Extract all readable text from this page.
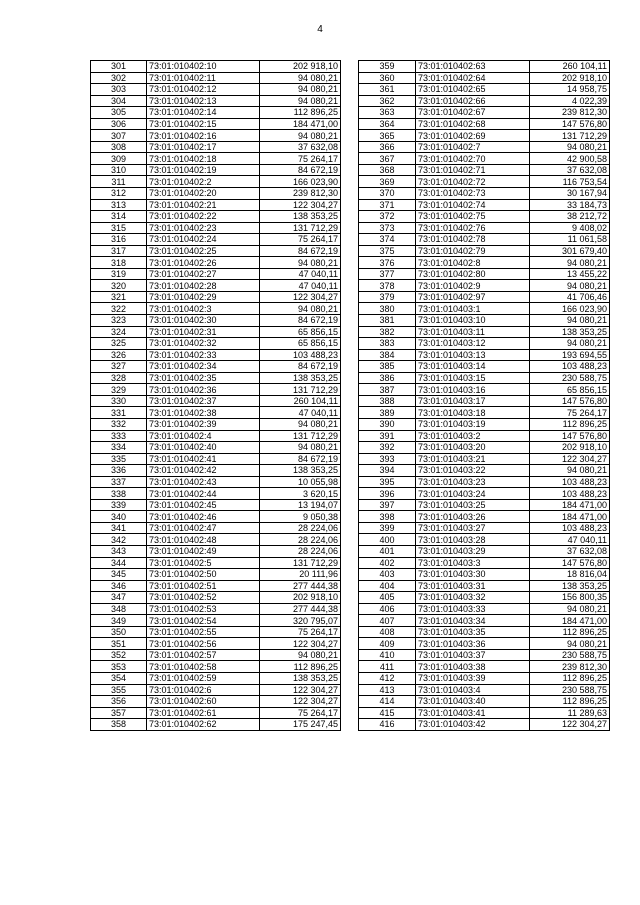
4
301	73:01:010402:10	202 918,10
302	73:01:010402:11	94 080,21
303	73:01:010402:12	94 080,21
304	73:01:010402:13	94 080,21
305	73:01:010402:14	112 896,25
306	73:01:010402:15	184 471,00
307	73:01:010402:16	94 080,21
308	73:01:010402:17	37 632,08
309	73:01:010402:18	75 264,17
310	73:01:010402:19	84 672,19
311	73:01:010402:2	166 023,90
312	73:01:010402:20	239 812,30
313	73:01:010402:21	122 304,27
314	73:01:010402:22	138 353,25
315	73:01:010402:23	131 712,29
316	73:01:010402:24	75 264,17
317	73:01:010402:25	84 672,19
318	73:01:010402:26	94 080,21
319	73:01:010402:27	47 040,11
320	73:01:010402:28	47 040,11
321	73:01:010402:29	122 304,27
322	73:01:010402:3	94 080,21
323	73:01:010402:30	84 672,19
324	73:01:010402:31	65 856,15
325	73:01:010402:32	65 856,15
326	73:01:010402:33	103 488,23
327	73:01:010402:34	84 672,19
328	73:01:010402:35	138 353,25
329	73:01:010402:36	131 712,29
330	73:01:010402:37	260 104,11
331	73:01:010402:38	47 040,11
332	73:01:010402:39	94 080,21
333	73:01:010402:4	131 712,29
334	73:01:010402:40	94 080,21
335	73:01:010402:41	84 672,19
336	73:01:010402:42	138 353,25
337	73:01:010402:43	10 055,98
338	73:01:010402:44	3 620,15
339	73:01:010402:45	13 194,07
340	73:01:010402:46	9 050,38
341	73:01:010402:47	28 224,06
342	73:01:010402:48	28 224,06
343	73:01:010402:49	28 224,06
344	73:01:010402:5	131 712,29
345	73:01:010402:50	20 111,96
346	73:01:010402:51	277 444,38
347	73:01:010402:52	202 918,10
348	73:01:010402:53	277 444,38
349	73:01:010402:54	320 795,07
350	73:01:010402:55	75 264,17
351	73:01:010402:56	122 304,27
352	73:01:010402:57	94 080,21
353	73:01:010402:58	112 896,25
354	73:01:010402:59	138 353,25
355	73:01:010402:6	122 304,27
356	73:01:010402:60	122 304,27
357	73:01:010402:61	75 264,17
358	73:01:010402:62	175 247,45
359	73:01:010402:63	260 104,11
360	73:01:010402:64	202 918,10
361	73:01:010402:65	14 958,75
362	73:01:010402:66	4 022,39
363	73:01:010402:67	239 812,30
364	73:01:010402:68	147 576,80
365	73:01:010402:69	131 712,29
366	73:01:010402:7	94 080,21
367	73:01:010402:70	42 900,58
368	73:01:010402:71	37 632,08
369	73:01:010402:72	116 753,54
370	73:01:010402:73	30 167,94
371	73:01:010402:74	33 184,73
372	73:01:010402:75	38 212,72
373	73:01:010402:76	9 408,02
374	73:01:010402:78	11 061,58
375	73:01:010402:79	301 679,40
376	73:01:010402:8	94 080,21
377	73:01:010402:80	13 455,22
378	73:01:010402:9	94 080,21
379	73:01:010402:97	41 706,46
380	73:01:010403:1	166 023,90
381	73:01:010403:10	94 080,21
382	73:01:010403:11	138 353,25
383	73:01:010403:12	94 080,21
384	73:01:010403:13	193 694,55
385	73:01:010403:14	103 488,23
386	73:01:010403:15	230 588,75
387	73:01:010403:16	65 856,15
388	73:01:010403:17	147 576,80
389	73:01:010403:18	75 264,17
390	73:01:010403:19	112 896,25
391	73:01:010403:2	147 576,80
392	73:01:010403:20	202 918,10
393	73:01:010403:21	122 304,27
394	73:01:010403:22	94 080,21
395	73:01:010403:23	103 488,23
396	73:01:010403:24	103 488,23
397	73:01:010403:25	184 471,00
398	73:01:010403:26	184 471,00
399	73:01:010403:27	103 488,23
400	73:01:010403:28	47 040,11
401	73:01:010403:29	37 632,08
402	73:01:010403:3	147 576,80
403	73:01:010403:30	18 816,04
404	73:01:010403:31	138 353,25
405	73:01:010403:32	156 800,35
406	73:01:010403:33	94 080,21
407	73:01:010403:34	184 471,00
408	73:01:010403:35	112 896,25
409	73:01:010403:36	94 080,21
410	73:01:010403:37	230 588,75
411	73:01:010403:38	239 812,30
412	73:01:010403:39	112 896,25
413	73:01:010403:4	230 588,75
414	73:01:010403:40	112 896,25
415	73:01:010403:41	11 289,63
416	73:01:010403:42	122 304,27
